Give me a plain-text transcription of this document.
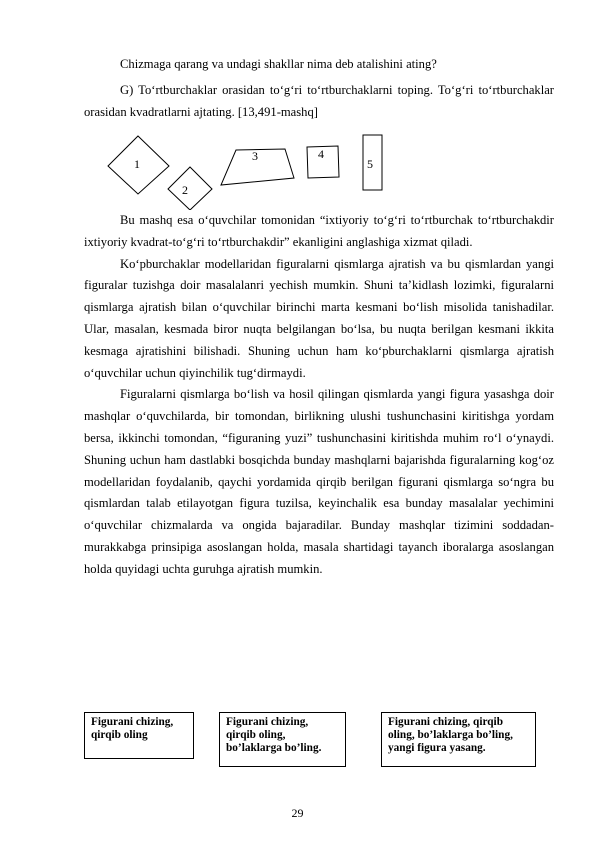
Chizmaga qarang va undagi shakllar nima deb atalishini ating?

G) To‘rtburchaklar orasidan to‘g‘ri to‘rtburchaklarni toping. To‘g‘ri to‘rtburchaklar orasidan kvadratlarni ajtating. [13,491-mashq]

1
2
3	4
5

Bu mashq esa o‘quvchilar tomonidan “ixtiyoriy to‘g‘ri to‘rtburchak to‘rtburchakdir ixtiyoriy kvadrat-to‘g‘ri to‘rtburchakdir” ekanligini anglashiga xizmat qiladi.

Ko‘pburchaklar modellaridan figuralarni qismlarga ajratish va bu qismlardan yangi figuralar tuzishga doir masalalanri yechish mumkin. Shuni ta’kidlash lozimki, figuralarni qismlarga ajratish bilan o‘quvchilar birinchi marta kesmani bo‘lish misolida tanishadilar. Ular, masalan, kesmada biror nuqta belgilangan bo‘lsa, bu nuqta berilgan kesmani ikkita kesmaga ajratishini bilishadi. Shuning uchun ham ko‘pburchaklarni qismlarga ajratish o‘quvchilar uchun qiyinchilik tug‘dirmaydi.

Figuralarni qismlarga bo‘lish va hosil qilingan qismlarda yangi figura yasashga doir mashqlar o‘quvchilarda, bir tomondan, birlikning ulushi tushunchasini kiritishga yordam bersa, ikkinchi tomondan, “figuraning yuzi” tushunchasini kiritishda muhim ro‘l o‘ynaydi. Shuning uchun ham dastlabki bosqichda bunday mashqlarni bajarishda figuralarning kog‘oz modellaridan foydalanib, qaychi yordamida qirqib berilgan figurani qismlarga so‘ngra bu qismlardan talab etilayotgan figura tuzilsa, keyinchalik esa bunday masalalar yechimini o‘quvchilar chizmalarda va ongida bajaradilar. Bunday mashqlar tizimini soddadan-murakkabga prinsipiga asoslangan holda, masala shartidagi tayanch iboralarga asoslangan holda quyidagi uchta guruhga ajratish mumkin.

Figurani chizing, qirqib oling
Figurani chizing, qirqib oling, bo’laklarga bo’ling.
Figurani chizing, qirqib oling, bo’laklarga bo’ling, yangi figura yasang.
29
